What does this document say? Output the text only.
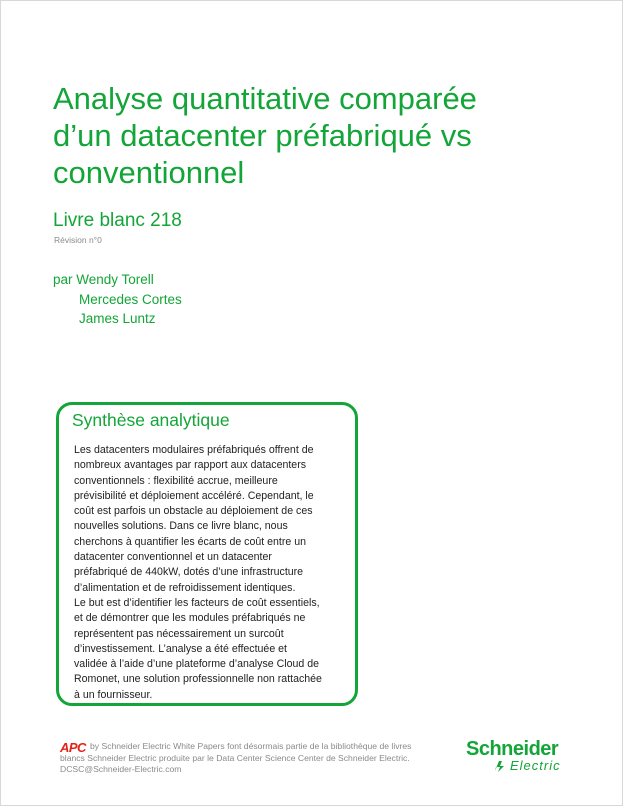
Analyse quantitative comparée
d’un datacenter préfabriqué vs
conventionnel
Livre blanc 218
Révision n°0
par Wendy Torell
Mercedes Cortes
James Luntz
Synthèse analytique
Les datacenters modulaires préfabriqués offrent de
nombreux avantages par rapport aux datacenters
conventionnels : flexibilité accrue, meilleure
prévisibilité et déploiement accéléré. Cependant, le
coût est parfois un obstacle au déploiement de ces
nouvelles solutions. Dans ce livre blanc, nous
cherchons à quantifier les écarts de coût entre un
datacenter conventionnel et un datacenter
préfabriqué de 440kW, dotés d’une infrastructure
d’alimentation et de refroidissement identiques.
Le but est d’identifier les facteurs de coût essentiels,
et de démontrer que les modules préfabriqués ne
représentent pas nécessairement un surcoût
d’investissement. L’analyse a été effectuée et
validée à l’aide d’une plateforme d’analyse Cloud de
Romonet, une solution professionnelle non rattachée
à un fournisseur.
APC by Schneider Electric White Papers font désormais partie de la bibliothèque de livres
blancs Schneider Electric produite par le Data Center Science Center de Schneider Electric.
DCSC@Schneider-Electric.com
Schneider
Electric
